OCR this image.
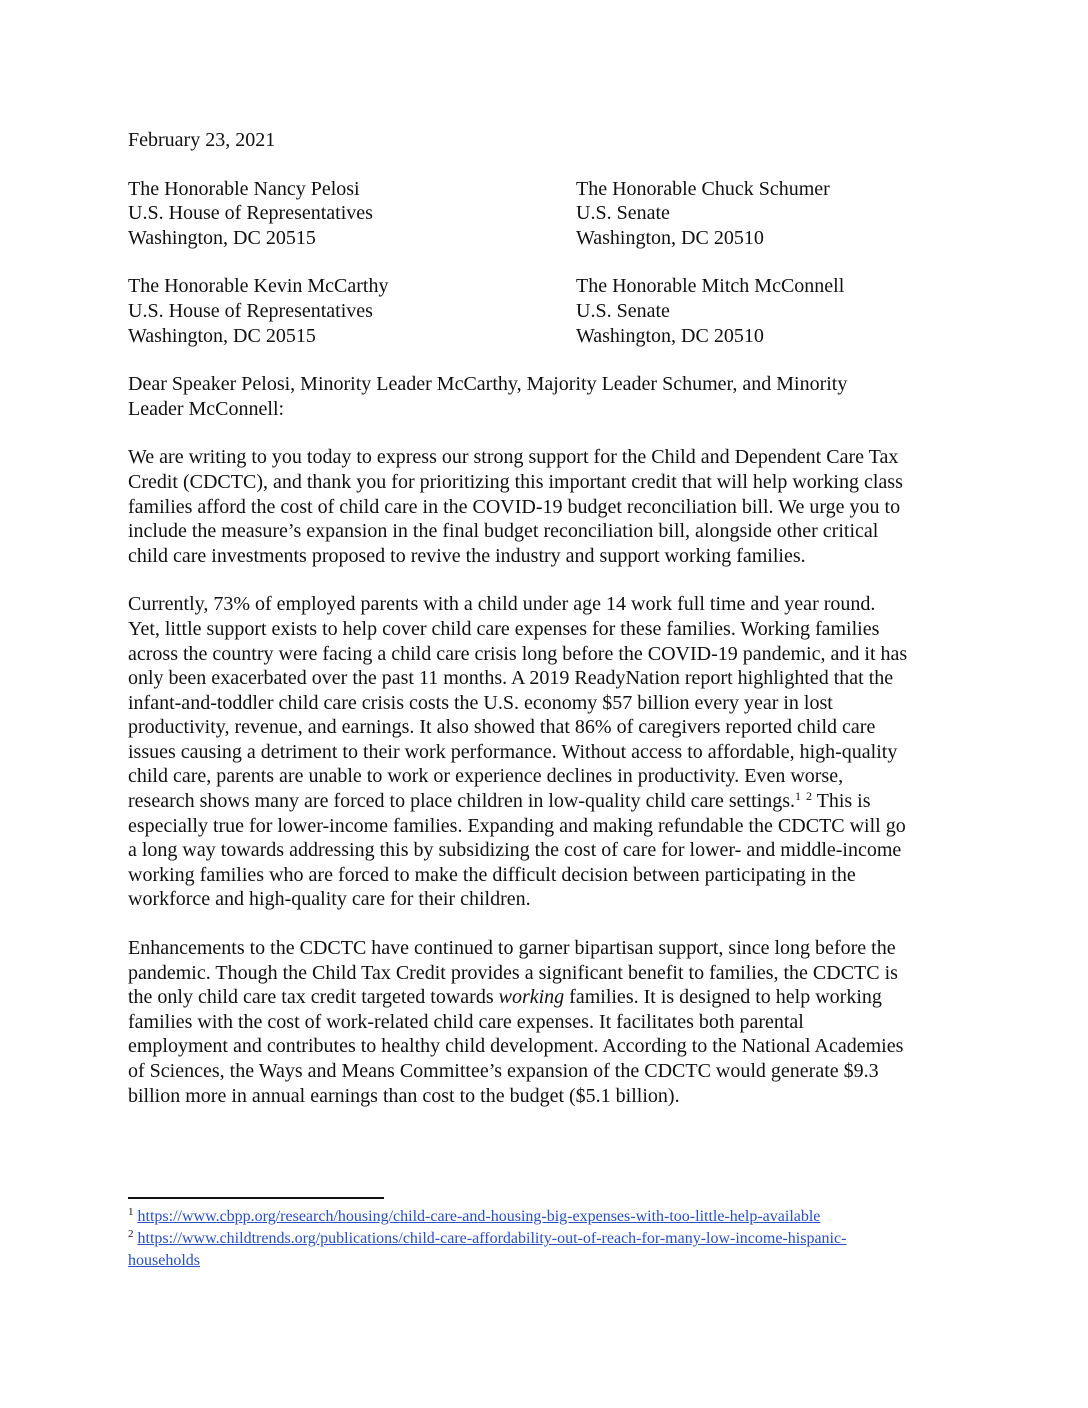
February 23, 2021
The Honorable Nancy Pelosi
U.S. House of Representatives
Washington, DC 20515
The Honorable Chuck Schumer
U.S. Senate
Washington, DC 20510
The Honorable Kevin McCarthy
U.S. House of Representatives
Washington, DC 20515
The Honorable Mitch McConnell
U.S. Senate
Washington, DC 20510
Dear Speaker Pelosi, Minority Leader McCarthy, Majority Leader Schumer, and Minority
Leader McConnell:
We are writing to you today to express our strong support for the Child and Dependent Care Tax
Credit (CDCTC), and thank you for prioritizing this important credit that will help working class
families afford the cost of child care in the COVID-19 budget reconciliation bill. We urge you to
include the measure’s expansion in the final budget reconciliation bill, alongside other critical
child care investments proposed to revive the industry and support working families.
Currently, 73% of employed parents with a child under age 14 work full time and year round.
Yet, little support exists to help cover child care expenses for these families. Working families
across the country were facing a child care crisis long before the COVID-19 pandemic, and it has
only been exacerbated over the past 11 months. A 2019 ReadyNation report highlighted that the
infant-and-toddler child care crisis costs the U.S. economy $57 billion every year in lost
productivity, revenue, and earnings. It also showed that 86% of caregivers reported child care
issues causing a detriment to their work performance. Without access to affordable, high-quality
child care, parents are unable to work or experience declines in productivity. Even worse,
research shows many are forced to place children in low-quality child care settings.$^1$ $^2$ This is
especially true for lower-income families. Expanding and making refundable the CDCTC will go
a long way towards addressing this by subsidizing the cost of care for lower- and middle-income
working families who are forced to make the difficult decision between participating in the
workforce and high-quality care for their children.
Enhancements to the CDCTC have continued to garner bipartisan support, since long before the
pandemic. Though the Child Tax Credit provides a significant benefit to families, the CDCTC is
the only child care tax credit targeted towards working families. It is designed to help working
families with the cost of work-related child care expenses. It facilitates both parental
employment and contributes to healthy child development. According to the National Academies
of Sciences, the Ways and Means Committee’s expansion of the CDCTC would generate $9.3
billion more in annual earnings than cost to the budget ($5.1 billion).
$^1$ https://www.cbpp.org/research/housing/child-care-and-housing-big-expenses-with-too-little-help-available
$^2$ https://www.childtrends.org/publications/child-care-affordability-out-of-reach-for-many-low-income-hispanic-
households
